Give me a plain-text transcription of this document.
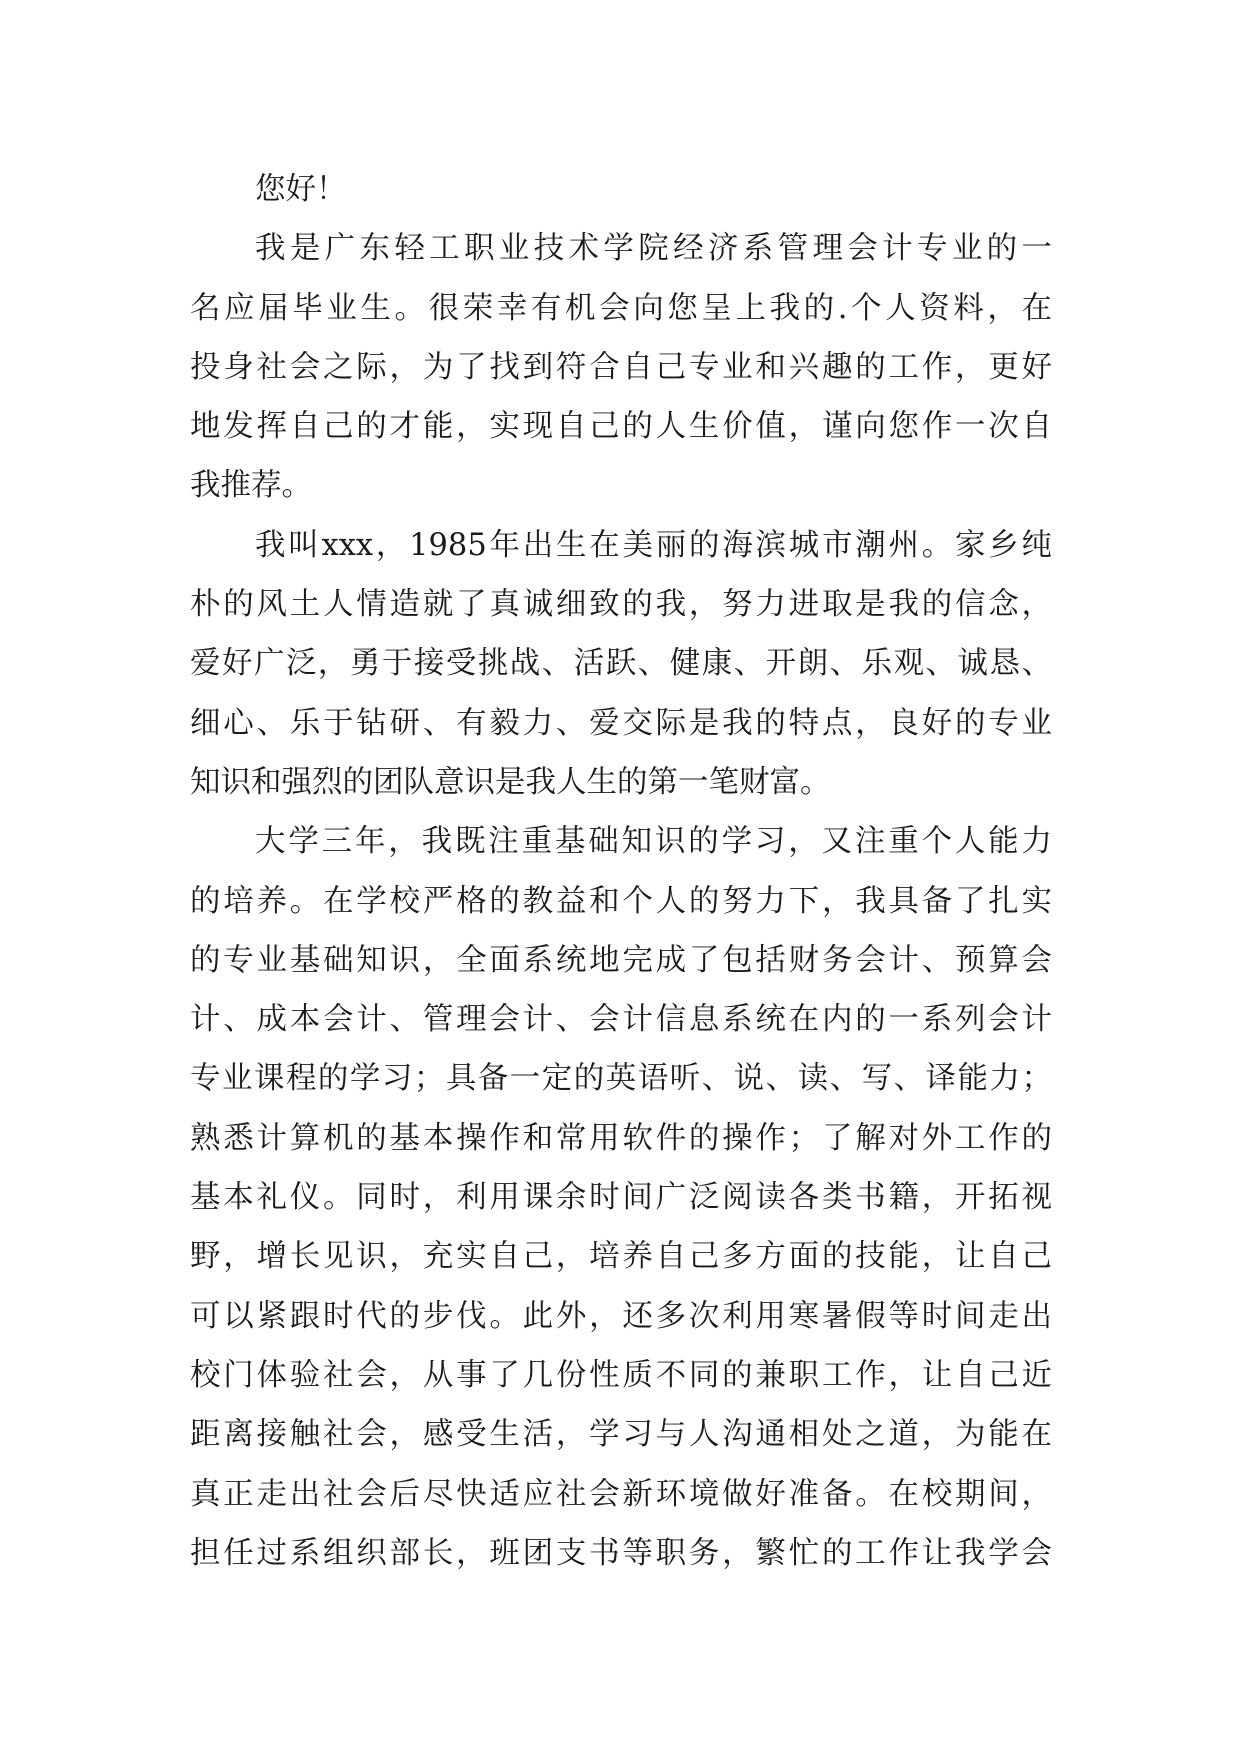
您好！
我是广东轻工职业技术学院经济系管理会计专业的一
名应届毕业生。很荣幸有机会向您呈上我的.个人资料，在
投身社会之际，为了找到符合自己专业和兴趣的工作，更好
地发挥自己的才能，实现自己的人生价值，谨向您作一次自
我推荐。
我叫xxx，1985年出生在美丽的海滨城市潮州。家乡纯
朴的风土人情造就了真诚细致的我，努力进取是我的信念，
爱好广泛，勇于接受挑战、活跃、健康、开朗、乐观、诚恳、
细心、乐于钻研、有毅力、爱交际是我的特点，良好的专业
知识和强烈的团队意识是我人生的第一笔财富。
大学三年，我既注重基础知识的学习，又注重个人能力
的培养。在学校严格的教益和个人的努力下，我具备了扎实
的专业基础知识，全面系统地完成了包括财务会计、预算会
计、成本会计、管理会计、会计信息系统在内的一系列会计
专业课程的学习；具备一定的英语听、说、读、写、译能力；
熟悉计算机的基本操作和常用软件的操作；了解对外工作的
基本礼仪。同时，利用课余时间广泛阅读各类书籍，开拓视
野，增长见识，充实自己，培养自己多方面的技能，让自己
可以紧跟时代的步伐。此外，还多次利用寒暑假等时间走出
校门体验社会，从事了几份性质不同的兼职工作，让自己近
距离接触社会，感受生活，学习与人沟通相处之道，为能在
真正走出社会后尽快适应社会新环境做好准备。在校期间，
担任过系组织部长，班团支书等职务，繁忙的工作让我学会
